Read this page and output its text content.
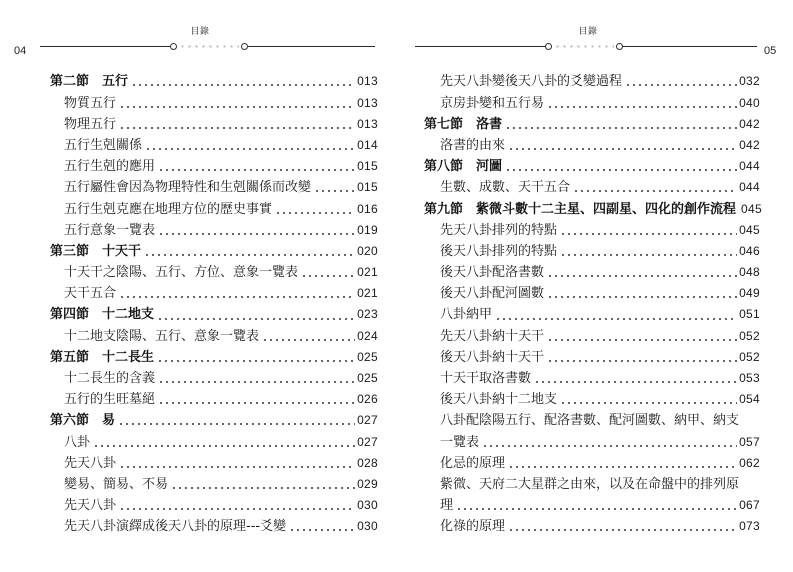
目錄
04
第二節　五行	013
物質五行	013
物理五行	013
五行生剋關係	014
五行生剋的應用	015
五行屬性會因為物理特性和生剋關係而改變	015
五行生剋克應在地理方位的歷史事實	016
五行意象一覽表	019
第三節　十天干	020
十天干之陰陽、五行、方位、意象一覽表	021
天干五合	021
第四節　十二地支	023
十二地支陰陽、五行、意象一覽表	024
第五節　十二長生	025
十二長生的含義	025
五行的生旺墓絕	026
第六節　易	027
八卦	027
先天八卦	028
變易、簡易、不易	029
先天八卦	030
先天八卦演繹成後天八卦的原理---爻變	030
目錄
05
先天八卦變後天八卦的爻變過程	032
京房卦變和五行易	040
第七節　洛書	042
洛書的由來	042
第八節　河圖	044
生數、成數、天干五合	044
第九節　紫微斗數十二主星、四副星、四化的創作流程 045
先天八卦排列的特點	045
後天八卦排列的特點	046
後天八卦配洛書數	048
後天八卦配河圖數	049
八卦納甲	051
先天八卦納十天干	052
後天八卦納十天干	052
十天干取洛書數	053
後天八卦納十二地支	054
八卦配陰陽五行、配洛書數、配河圖數、納甲、納支
一覽表	057
化忌的原理	062
紫微、天府二大星群之由來，以及在命盤中的排列原
理	067
化祿的原理	073
